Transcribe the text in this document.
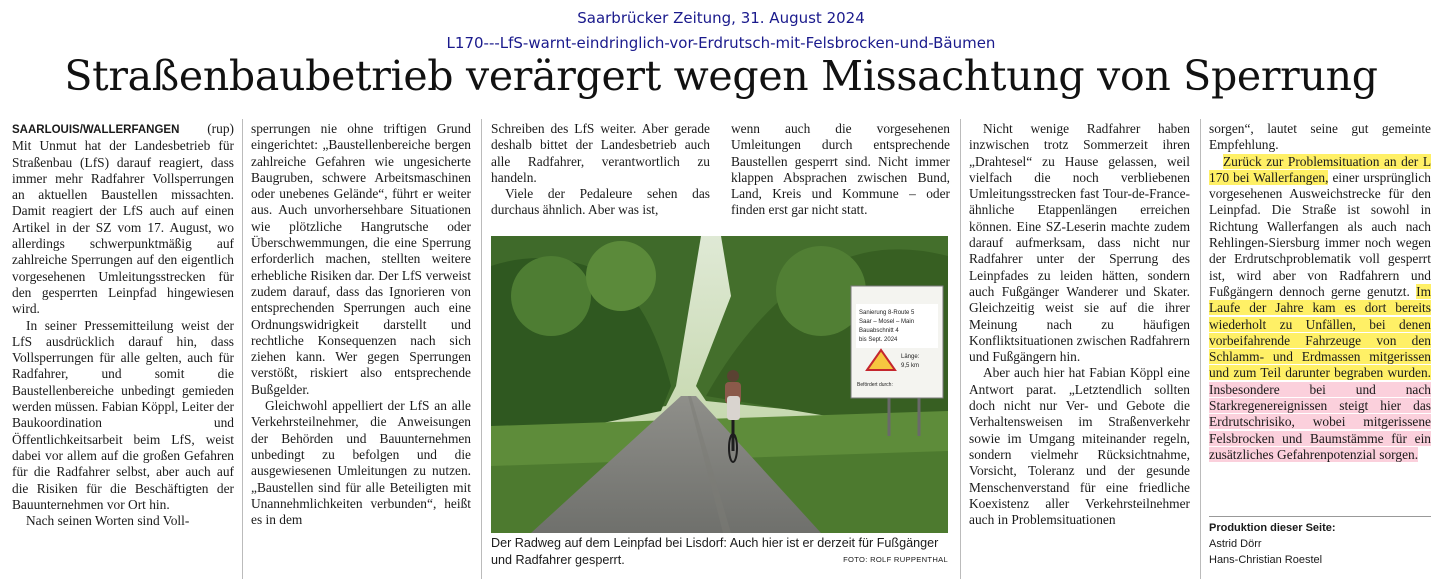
Saarbrücker Zeitung, 31. August 2024
L170---LfS-warnt-eindringlich-vor-Erdrutsch-mit-Felsbrocken-und-Bäumen
Straßenbaubetrieb verärgert wegen Missachtung von Sperrung

SAARLOUIS/WALLERFANGEN (rup)

Mit Unmut hat der Landesbetrieb für Straßenbau (LfS) darauf reagiert, dass immer mehr Radfahrer Vollsperrungen an aktuellen Baustellen missachten. Damit reagiert der LfS auch auf einen Artikel in der SZ vom 17. August, wo allerdings schwerpunktmäßig auf zahlreiche Sperrungen auf den eigentlich vorgesehenen Umleitungsstrecken für den gesperrten Leinpfad hingewiesen wird.

In seiner Pressemitteilung weist der LfS ausdrücklich darauf hin, dass Vollsperrungen für alle gelten, auch für Radfahrer, und somit die Baustellenbereiche unbedingt gemieden werden müssen. Fabian Köppl, Leiter der Baukoordination und Öffentlichkeitsarbeit beim LfS, weist dabei vor allem auf die großen Gefahren für die Radfahrer selbst, aber auch auf die Risiken für die Beschäftigten der Bauunternehmen vor Ort hin.

Nach seinen Worten sind Voll-

sperrungen nie ohne triftigen Grund eingerichtet: „Baustellenbereiche bergen zahlreiche Gefahren wie ungesicherte Baugruben, schwere Arbeitsmaschinen oder unebenes Gelände“, führt er weiter aus. Auch unvorhersehbare Situationen wie plötzliche Hangrutsche oder Überschwemmungen, die eine Sperrung erforderlich machen, stellten weitere erhebliche Risiken dar. Der LfS verweist zudem darauf, dass das Ignorieren von entsprechenden Sperrungen auch eine Ordnungswidrigkeit darstellt und rechtliche Konsequenzen nach sich ziehen kann. Wer gegen Sperrungen verstößt, riskiert also entsprechende Bußgelder.

Gleichwohl appelliert der LfS an alle Verkehrsteilnehmer, die Anweisungen der Behörden und Bauunternehmen unbedingt zu befolgen und die ausgewiesenen Umleitungen zu nutzen. „Baustellen sind für alle Beteiligten mit Unannehmlichkeiten verbunden“, heißt es in dem

Schreiben des LfS weiter. Aber gerade deshalb bittet der Landesbetrieb auch alle Radfahrer, verantwortlich zu handeln.

Viele der Pedaleure sehen das durchaus ähnlich. Aber was ist,

wenn auch die vorgesehenen Umleitungen durch entsprechende Baustellen gesperrt sind. Nicht immer klappen Absprachen zwischen Bund, Land, Kreis und Kommune – oder finden erst gar nicht statt.

Nicht wenige Radfahrer haben inzwischen trotz Sommerzeit ihren „Drahtesel“ zu Hause gelassen, weil vielfach die noch verbliebenen Umleitungsstrecken fast Tour-de-France-ähnliche Etappenlängen erreichen können. Eine SZ-Leserin machte zudem darauf aufmerksam, dass nicht nur Radfahrer unter der Sperrung des Leinpfades zu leiden hätten, sondern auch Fußgänger Wanderer und Skater. Gleichzeitig weist sie auf die ihrer Meinung nach zu häufigen Konfliktsituationen zwischen Radfahrern und Fußgängern hin.

Aber auch hier hat Fabian Köppl eine Antwort parat. „Letztendlich sollten doch nicht nur Ver- und Gebote die Verhaltensweisen im Straßenverkehr sowie im Umgang miteinander regeln, sondern vielmehr Rücksichtnahme, Vorsicht, Toleranz und der gesunde Menschenverstand für eine friedliche Koexistenz aller Verkehrsteilnehmer auch in Problemsituationen

sorgen“, lautet seine gut gemeinte Empfehlung.

Zurück zur Problemsituation an der L 170 bei Wallerfangen, einer ursprünglich vorgesehenen Ausweichstrecke für den Leinpfad. Die Straße ist sowohl in Richtung Wallerfangen als auch nach Rehlingen-Siersburg immer noch wegen der Erdrutschproblematik voll gesperrt ist, wird aber von Radfahrern und Fußgängern dennoch gerne genutzt. Im Laufe der Jahre kam es dort bereits wiederholt zu Unfällen, bei denen vorbeifahrende Fahrzeuge von den Schlamm- und Erdmassen mitgerissen und zum Teil darunter begraben wurden. Insbesondere bei und nach Starkregenereignissen steigt hier das Erdrutschrisiko, wobei mitgerissene Felsbrocken und Baumstämme für ein zusätzliches Gefahrenpotenzial sorgen.

Sanierung 8-Route 5
Saar – Mosel – Main
Bauabschnitt 4
bis Sept. 2024
Länge:
9,5 km
Befördert durch:
Der Radweg auf dem Leinpfad bei Lisdorf: Auch hier ist er derzeit für Fußgänger und Radfahrer gesperrt.	FOTO: ROLF RUPPENTHAL
Produktion dieser Seite:
Astrid Dörr
Hans-Christian Roestel
